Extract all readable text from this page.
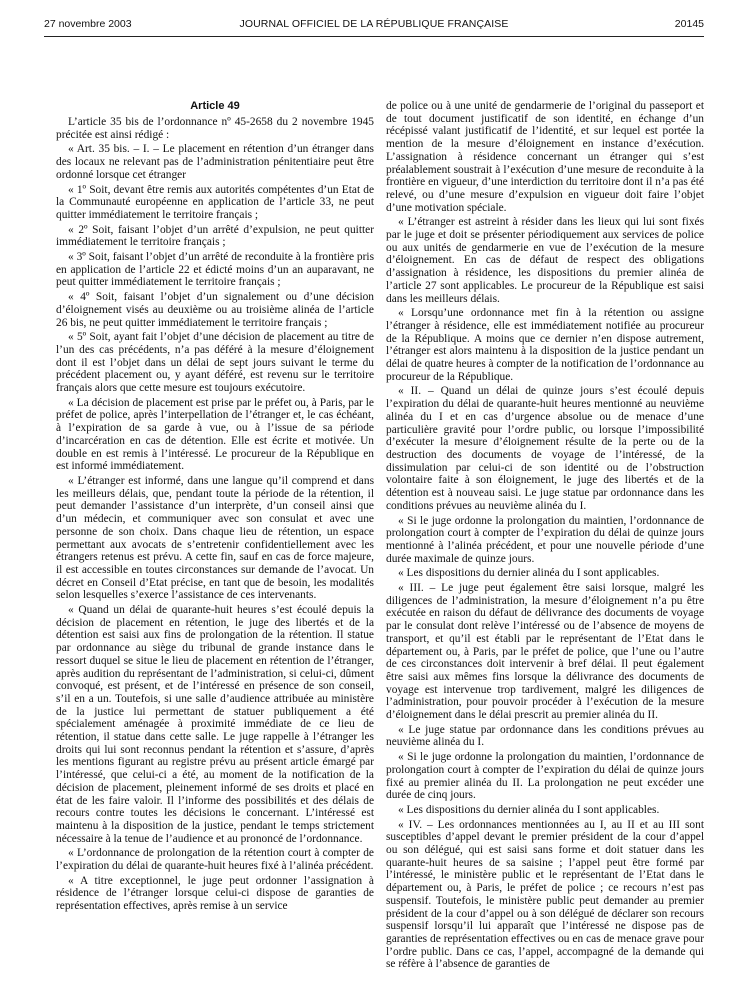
27 novembre 2003	JOURNAL OFFICIEL DE LA RÉPUBLIQUE FRANÇAISE	20145
Article 49

L’article 35 bis de l’ordonnance nº 45-2658 du 2 novembre 1945 précitée est ainsi rédigé :

« Art. 35 bis. – I. – Le placement en rétention d’un étranger dans des locaux ne relevant pas de l’administration pénitentiaire peut être ordonné lorsque cet étranger

« 1º Soit, devant être remis aux autorités compétentes d’un Etat de la Communauté européenne en application de l’article 33, ne peut quitter immédiatement le territoire français ;

« 2º Soit, faisant l’objet d’un arrêté d’expulsion, ne peut quitter immédiatement le territoire français ;

« 3º Soit, faisant l’objet d’un arrêté de reconduite à la frontière pris en application de l’article 22 et édicté moins d’un an auparavant, ne peut quitter immédiatement le territoire français ;

« 4º Soit, faisant l’objet d’un signalement ou d’une décision d’éloignement visés au deuxième ou au troisième alinéa de l’article 26 bis, ne peut quitter immédiatement le territoire français ;

« 5º Soit, ayant fait l’objet d’une décision de placement au titre de l’un des cas précédents, n’a pas déféré à la mesure d’éloignement dont il est l’objet dans un délai de sept jours suivant le terme du précédent placement ou, y ayant déféré, est revenu sur le territoire français alors que cette mesure est toujours exécutoire.

« La décision de placement est prise par le préfet ou, à Paris, par le préfet de police, après l’interpellation de l’étranger et, le cas échéant, à l’expiration de sa garde à vue, ou à l’issue de sa période d’incarcération en cas de détention. Elle est écrite et motivée. Un double en est remis à l’intéressé. Le procureur de la République en est informé immédiatement.

« L’étranger est informé, dans une langue qu’il comprend et dans les meilleurs délais, que, pendant toute la période de la rétention, il peut demander l’assistance d’un interprète, d’un conseil ainsi que d’un médecin, et communiquer avec son consulat et avec une personne de son choix. Dans chaque lieu de rétention, un espace permettant aux avocats de s’entretenir confidentiellement avec les étrangers retenus est prévu. A cette fin, sauf en cas de force majeure, il est accessible en toutes circonstances sur demande de l’avocat. Un décret en Conseil d’Etat précise, en tant que de besoin, les modalités selon lesquelles s’exerce l’assistance de ces intervenants.

« Quand un délai de quarante-huit heures s’est écoulé depuis la décision de placement en rétention, le juge des libertés et de la détention est saisi aux fins de prolongation de la rétention. Il statue par ordonnance au siège du tribunal de grande instance dans le ressort duquel se situe le lieu de placement en rétention de l’étranger, après audition du représentant de l’administration, si celui-ci, dûment convoqué, est présent, et de l’intéressé en présence de son conseil, s’il en a un. Toutefois, si une salle d’audience attribuée au ministère de la justice lui permettant de statuer publiquement a été spécialement aménagée à proximité immédiate de ce lieu de rétention, il statue dans cette salle. Le juge rappelle à l’étranger les droits qui lui sont reconnus pendant la rétention et s’assure, d’après les mentions figurant au registre prévu au présent article émargé par l’intéressé, que celui-ci a été, au moment de la notification de la décision de placement, pleinement informé de ses droits et placé en état de les faire valoir. Il l’informe des possibilités et des délais de recours contre toutes les décisions le concernant. L’intéressé est maintenu à la disposition de la justice, pendant le temps strictement nécessaire à la tenue de l’audience et au prononcé de l’ordonnance.

« L’ordonnance de prolongation de la rétention court à compter de l’expiration du délai de quarante-huit heures fixé à l’alinéa précédent.

« A titre exceptionnel, le juge peut ordonner l’assignation à résidence de l’étranger lorsque celui-ci dispose de garanties de représentation effectives, après remise à un service

de police ou à une unité de gendarmerie de l’original du passeport et de tout document justificatif de son identité, en échange d’un récépissé valant justificatif de l’identité, et sur lequel est portée la mention de la mesure d’éloignement en instance d’exécution. L’assignation à résidence concernant un étranger qui s’est préalablement soustrait à l’exécution d’une mesure de reconduite à la frontière en vigueur, d’une interdiction du territoire dont il n’a pas été relevé, ou d’une mesure d’expulsion en vigueur doit faire l’objet d’une motivation spéciale.

« L’étranger est astreint à résider dans les lieux qui lui sont fixés par le juge et doit se présenter périodiquement aux services de police ou aux unités de gendarmerie en vue de l’exécution de la mesure d’éloignement. En cas de défaut de respect des obligations d’assignation à résidence, les dispositions du premier alinéa de l’article 27 sont applicables. Le procureur de la République est saisi dans les meilleurs délais.

« Lorsqu’une ordonnance met fin à la rétention ou assigne l’étranger à résidence, elle est immédiatement notifiée au procureur de la République. A moins que ce dernier n’en dispose autrement, l’étranger est alors maintenu à la disposition de la justice pendant un délai de quatre heures à compter de la notification de l’ordonnance au procureur de la République.

« II. – Quand un délai de quinze jours s’est écoulé depuis l’expiration du délai de quarante-huit heures mentionné au neuvième alinéa du I et en cas d’urgence absolue ou de menace d’une particulière gravité pour l’ordre public, ou lorsque l’impossibilité d’exécuter la mesure d’éloignement résulte de la perte ou de la destruction des documents de voyage de l’intéressé, de la dissimulation par celui-ci de son identité ou de l’obstruction volontaire faite à son éloignement, le juge des libertés et de la détention est à nouveau saisi. Le juge statue par ordonnance dans les conditions prévues au neuvième alinéa du I.

« Si le juge ordonne la prolongation du maintien, l’ordonnance de prolongation court à compter de l’expiration du délai de quinze jours mentionné à l’alinéa précédent, et pour une nouvelle période d’une durée maximale de quinze jours.

« Les dispositions du dernier alinéa du I sont applicables.

« III. – Le juge peut également être saisi lorsque, malgré les diligences de l’administration, la mesure d’éloignement n’a pu être exécutée en raison du défaut de délivrance des documents de voyage par le consulat dont relève l’intéressé ou de l’absence de moyens de transport, et qu’il est établi par le représentant de l’Etat dans le département ou, à Paris, par le préfet de police, que l’une ou l’autre de ces circonstances doit intervenir à bref délai. Il peut également être saisi aux mêmes fins lorsque la délivrance des documents de voyage est intervenue trop tardivement, malgré les diligences de l’administration, pour pouvoir procéder à l’exécution de la mesure d’éloignement dans le délai prescrit au premier alinéa du II.

« Le juge statue par ordonnance dans les conditions prévues au neuvième alinéa du I.

« Si le juge ordonne la prolongation du maintien, l’ordonnance de prolongation court à compter de l’expiration du délai de quinze jours fixé au premier alinéa du II. La prolongation ne peut excéder une durée de cinq jours.

« Les dispositions du dernier alinéa du I sont applicables.

« IV. – Les ordonnances mentionnées au I, au II et au III sont susceptibles d’appel devant le premier président de la cour d’appel ou son délégué, qui est saisi sans forme et doit statuer dans les quarante-huit heures de sa saisine ; l’appel peut être formé par l’intéressé, le ministère public et le représentant de l’Etat dans le département ou, à Paris, le préfet de police ; ce recours n’est pas suspensif. Toutefois, le ministère public peut demander au premier président de la cour d’appel ou à son délégué de déclarer son recours suspensif lorsqu’il lui apparaît que l’intéressé ne dispose pas de garanties de représentation effectives ou en cas de menace grave pour l’ordre public. Dans ce cas, l’appel, accompagné de la demande qui se réfère à l’absence de garanties de
